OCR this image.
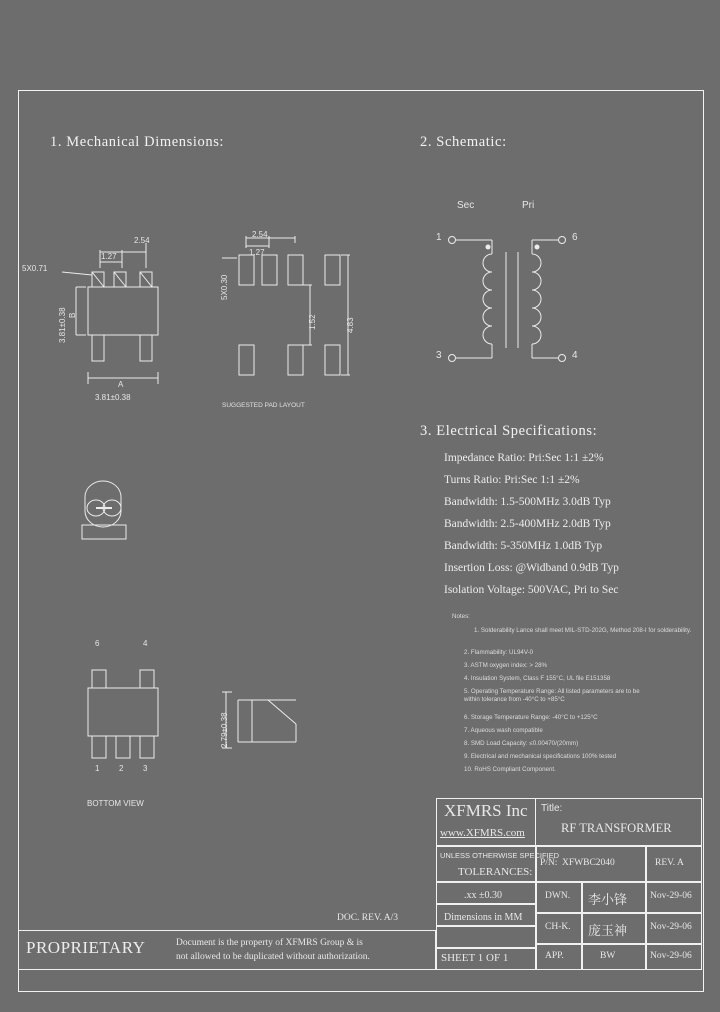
1. Mechanical Dimensions:	2. Schematic:
3. Electrical Specifications:
2.54
1.27
5X0.71
B
3.81±0.38
A
3.81±0.38
2.54
1.27
5X0.30
1.52	4.83
SUGGESTED PAD LAYOUT
6	4
1 2 3
BOTTOM VIEW
2.79±0.38
Sec	Pri
1
3
6
4
Impedance Ratio: Pri:Sec 1:1 ±2%
Turns Ratio: Pri:Sec 1:1 ±2%
Bandwidth: 1.5-500MHz 3.0dB Typ
Bandwidth: 2.5-400MHz 2.0dB Typ
Bandwidth: 5-350MHz 1.0dB Typ
Insertion Loss: @Widband 0.9dB Typ
Isolation Voltage: 500VAC, Pri to Sec
Notes:
1. Solderability Lance shall meet MIL-STD-202G, Method 208-I for solderability.
2. Flammability: UL94V-0
3. ASTM oxygen index: > 28%
4. Insulation System, Class F 155°C, UL file E151358
5. Operating Temperature Range: All listed parameters are to be within tolerance from -40°C to +85°C
6. Storage Temperature Range: -40°C to +125°C
7. Aqueous wash compatible
8. SMD Load Capacity: ≤0.00470/(20mm)
9. Electrical and mechanical specifications 100% tested
10. RoHS Compliant Component.
DOC. REV. A/3
XFMRS Inc
www.XFMRS.com
Title:
RF TRANSFORMER
UNLESS OTHERWISE SPECIFIED
TOLERANCES:
.xx ±0.30
Dimensions in MM
SHEET 1 OF 1
P/N: XFWBC2040	REV. A
DWN. 李小锋 Nov-29-06
CH-K. 庞玉神 Nov-29-06
APP.	BW	Nov-29-06
PROPRIETARY	Document is the property of XFMRS Group & is
not allowed to be duplicated without authorization.
